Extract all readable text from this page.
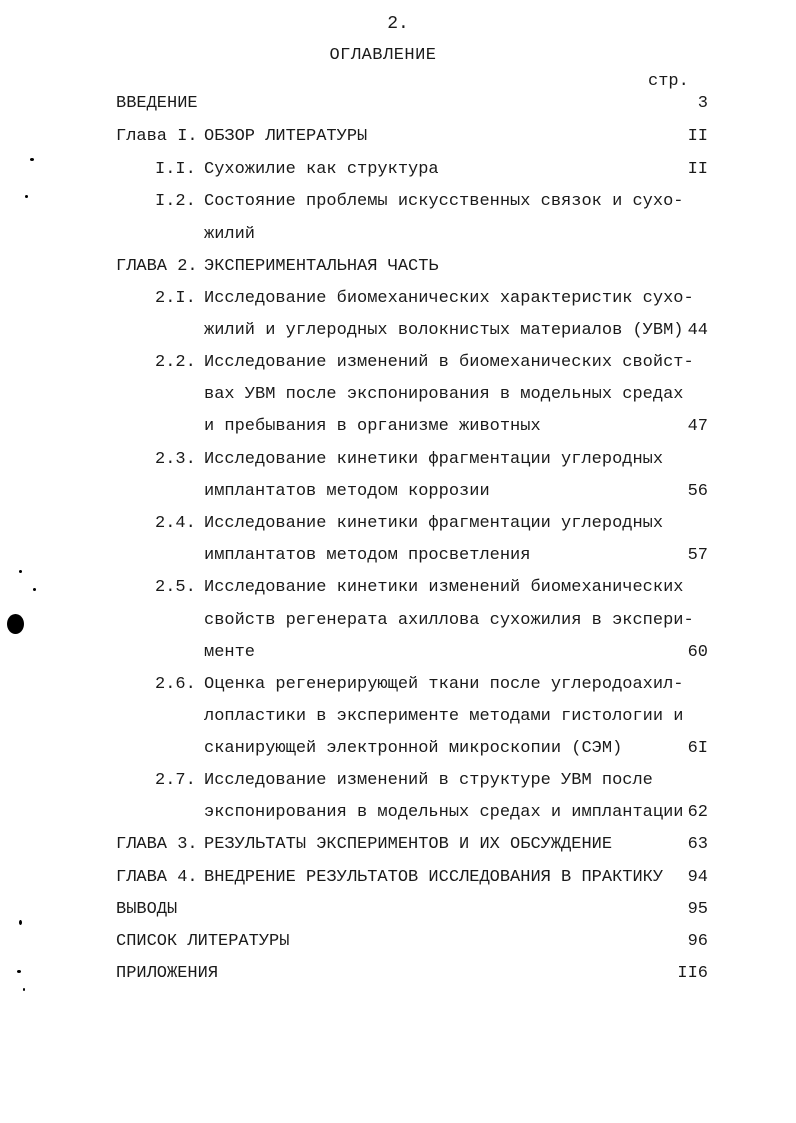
2.
ОГЛАВЛЕНИЕ
стр.
ВВЕДЕНИЕ	3
Глава I. ОБЗОР ЛИТЕРАТУРЫ	II
I.I. Сухожилие как структура	II
I.2. Состояние проблемы искусственных связок и сухо-
жилий
ГЛАВА 2. ЭКСПЕРИМЕНТАЛЬНАЯ ЧАСТЬ
2.I. Исследование биомеханических характеристик сухо-
жилий и углеродных волокнистых материалов (УВМ) 44
2.2. Исследование изменений в биомеханических свойст-
вах УВМ после экспонирования в модельных средах
и пребывания в организме животных	47
2.3. Исследование кинетики фрагментации углеродных
имплантатов методом коррозии	56
2.4. Исследование кинетики фрагментации углеродных
имплантатов методом просветления	57
2.5. Исследование кинетики изменений биомеханических
свойств регенерата ахиллова сухожилия в экспери-
менте	60
2.6. Оценка регенерирующей ткани после углеродоахил-
лопластики в эксперименте методами гистологии и
сканирующей электронной микроскопии (СЭМ)	6I
2.7. Исследование изменений в структуре УВМ после
экспонирования в модельных средах и имплантации 62
ГЛАВА 3. РЕЗУЛЬТАТЫ ЭКСПЕРИМЕНТОВ И ИХ ОБСУЖДЕНИЕ	63
ГЛАВА 4. ВНЕДРЕНИЕ РЕЗУЛЬТАТОВ ИССЛЕДОВАНИЯ В ПРАКТИКУ 94
ВЫВОДЫ	95
СПИСОК ЛИТЕРАТУРЫ	96
ПРИЛОЖЕНИЯ	II6
